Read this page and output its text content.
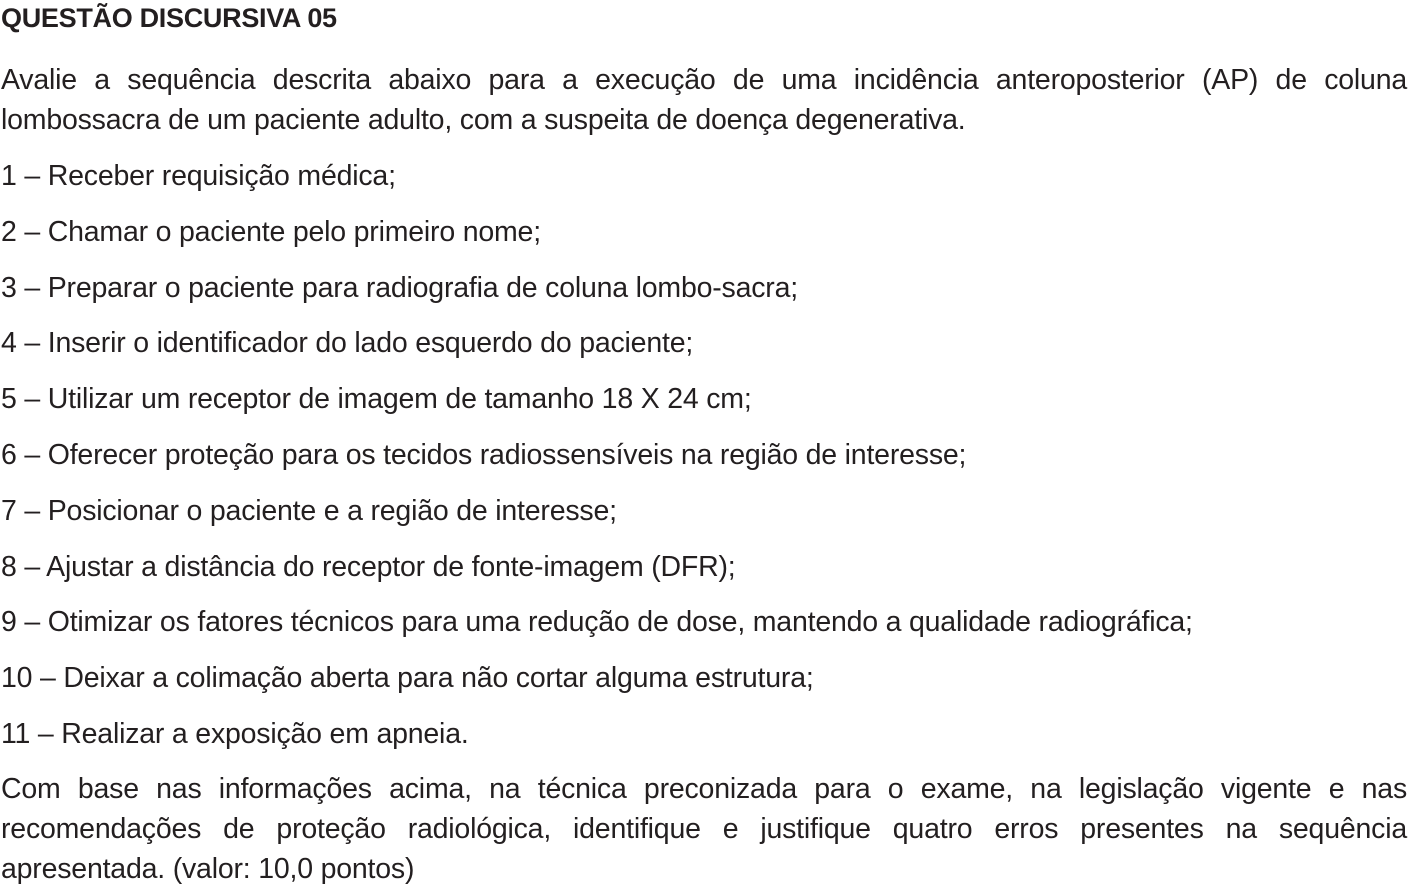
QUESTÃO DISCURSIVA 05
Avalie a sequência descrita abaixo para a execução de uma incidência anteroposterior (AP) de coluna lombossacra de um paciente adulto, com a suspeita de doença degenerativa.
1 – Receber requisição médica;
2 – Chamar o paciente pelo primeiro nome;
3 – Preparar o paciente para radiografia de coluna lombo-sacra;
4 – Inserir o identificador do lado esquerdo do paciente;
5 – Utilizar um receptor de imagem de tamanho 18 X 24 cm;
6 – Oferecer proteção para os tecidos radiossensíveis na região de interesse;
7 – Posicionar o paciente e a região de interesse;
8 – Ajustar a distância do receptor de fonte-imagem (DFR);
9 – Otimizar os fatores técnicos para uma redução de dose, mantendo a qualidade radiográfica;
10 – Deixar a colimação aberta para não cortar alguma estrutura;
11 – Realizar a exposição em apneia.
Com base nas informações acima, na técnica preconizada para o exame, na legislação vigente e nas recomendações de proteção radiológica, identifique e justifique quatro erros presentes na sequência apresentada. (valor: 10,0 pontos)
